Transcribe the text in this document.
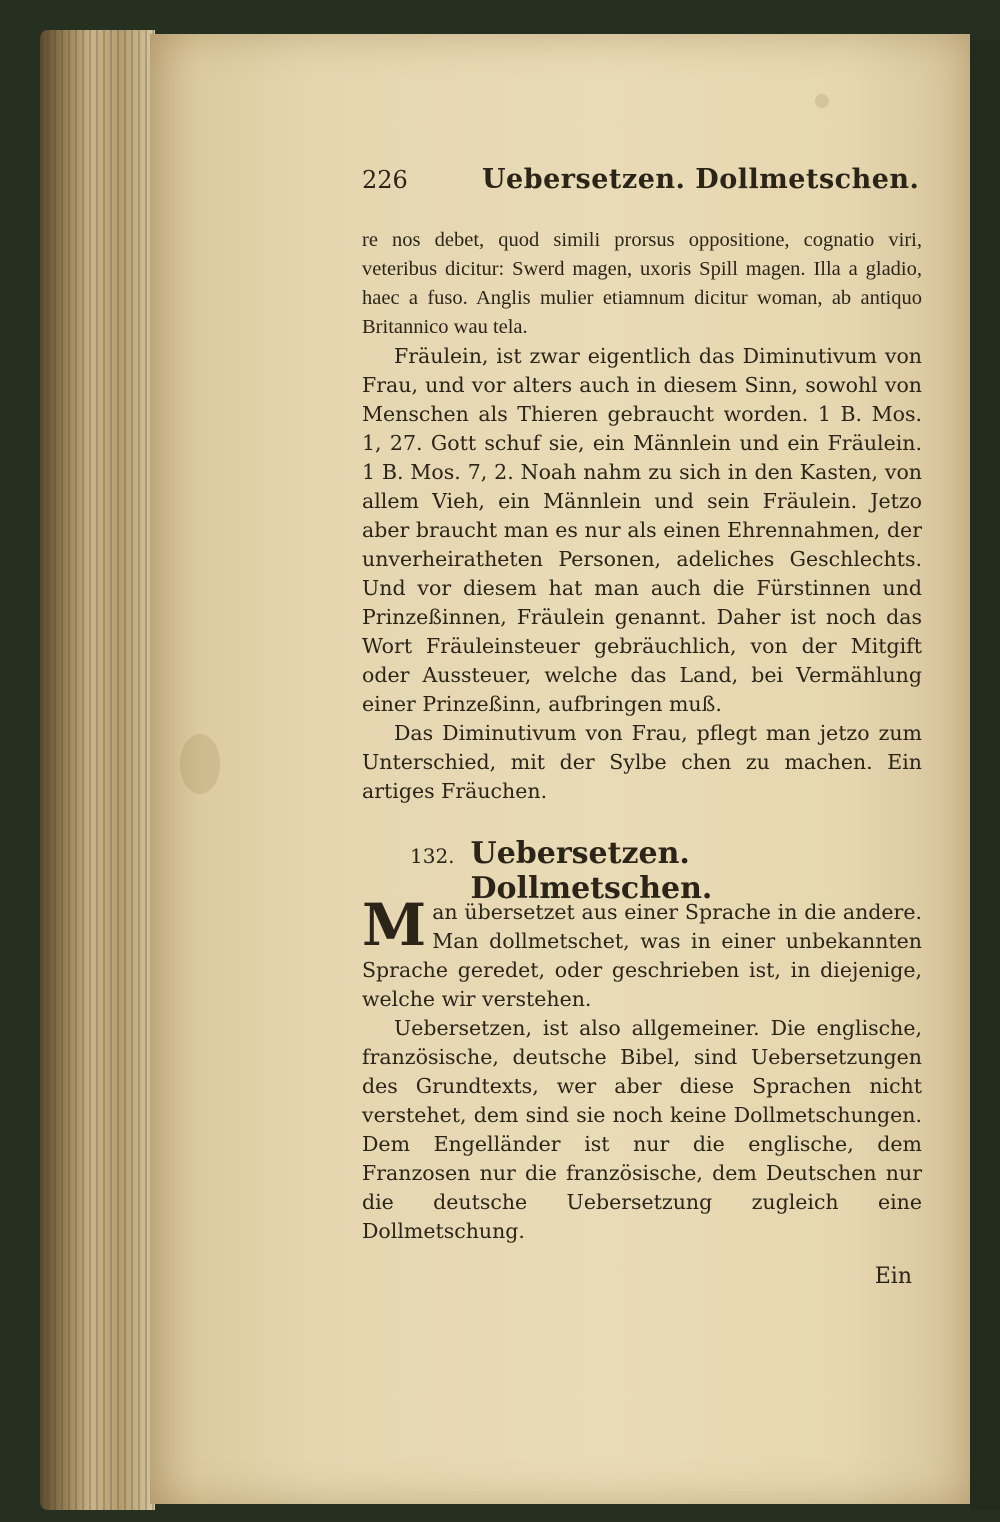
226	Uebersetzen. Dollmetschen.

re nos debet, quod simili prorsus oppositione, cognatio viri, veteribus dicitur: Swerd magen, uxoris Spill magen. Illa a gladio, haec a fuso. Anglis mulier etiamnum dicitur woman, ab antiquo Britannico wau tela.

Fräulein, ist zwar eigentlich das Diminutivum von Frau, und vor alters auch in diesem Sinn, sowohl von Menschen als Thieren gebraucht worden. 1 B. Mos. 1, 27. Gott schuf sie, ein Männlein und ein Fräulein. 1 B. Mos. 7, 2. Noah nahm zu sich in den Kasten, von allem Vieh, ein Männlein und sein Fräulein. Jetzo aber braucht man es nur als einen Ehrennahmen, der unverheiratheten Personen, adeliches Geschlechts. Und vor diesem hat man auch die Fürstinnen und Prinzeßinnen, Fräulein genannt. Daher ist noch das Wort Fräuleinsteuer gebräuchlich, von der Mitgift oder Aussteuer, welche das Land, bei Vermählung einer Prinzeßinn, aufbringen muß.

Das Diminutivum von Frau, pflegt man jetzo zum Unterschied, mit der Sylbe chen zu machen. Ein artiges Fräuchen.

132. Uebersetzen. Dollmetschen.

Man übersetzet aus einer Sprache in die andere. Man dollmetschet, was in einer unbekannten Sprache geredet, oder geschrieben ist, in diejenige, welche wir verstehen.

Uebersetzen, ist also allgemeiner. Die englische, französische, deutsche Bibel, sind Uebersetzungen des Grundtexts, wer aber diese Sprachen nicht verstehet, dem sind sie noch keine Dollmetschungen. Dem Engelländer ist nur die englische, dem Franzosen nur die französische, dem Deutschen nur die deutsche Uebersetzung zugleich eine Dollmetschung.

Ein
